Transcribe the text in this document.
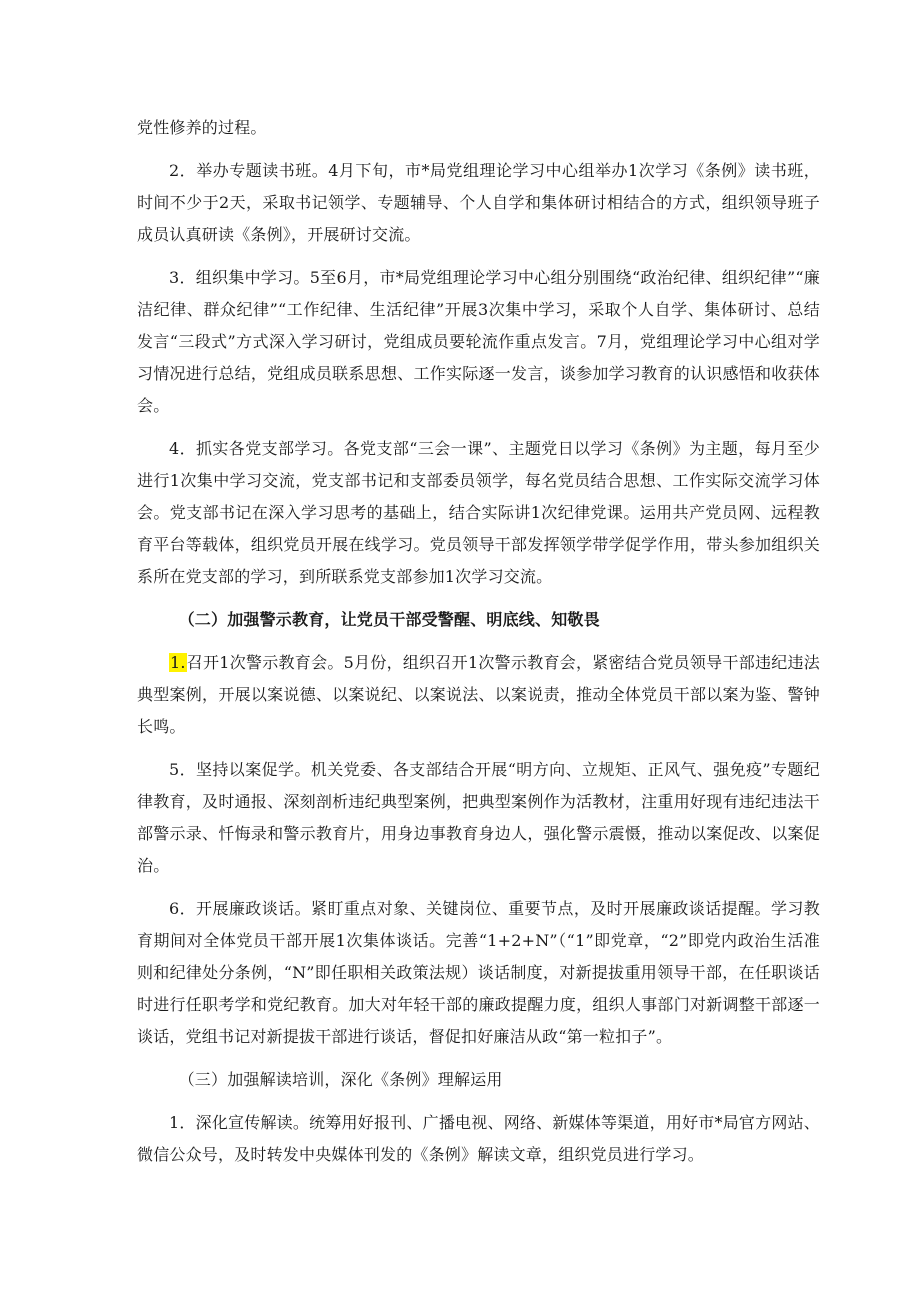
党性修养的过程。

2．举办专题读书班。4月下旬，市*局党组理论学习中心组举办1次学习《条例》读书班，时间不少于2天，采取书记领学、专题辅导、个人自学和集体研讨相结合的方式，组织领导班子成员认真研读《条例》，开展研讨交流。

3．组织集中学习。5至6月，市*局党组理论学习中心组分别围绕“政治纪律、组织纪律”“廉洁纪律、群众纪律”“工作纪律、生活纪律”开展3次集中学习，采取个人自学、集体研讨、总结发言“三段式”方式深入学习研讨，党组成员要轮流作重点发言。7月，党组理论学习中心组对学习情况进行总结，党组成员联系思想、工作实际逐一发言，谈参加学习教育的认识感悟和收获体会。

4．抓实各党支部学习。各党支部“三会一课”、主题党日以学习《条例》为主题，每月至少进行1次集中学习交流，党支部书记和支部委员领学，每名党员结合思想、工作实际交流学习体会。党支部书记在深入学习思考的基础上，结合实际讲1次纪律党课。运用共产党员网、远程教育平台等载体，组织党员开展在线学习。党员领导干部发挥领学带学促学作用，带头参加组织关系所在党支部的学习，到所联系党支部参加1次学习交流。

（二）加强警示教育，让党员干部受警醒、明底线、知敬畏

1.召开1次警示教育会。5月份，组织召开1次警示教育会，紧密结合党员领导干部违纪违法典型案例，开展以案说德、以案说纪、以案说法、以案说责，推动全体党员干部以案为鉴、警钟长鸣。

5．坚持以案促学。机关党委、各支部结合开展“明方向、立规矩、正风气、强免疫”专题纪律教育，及时通报、深刻剖析违纪典型案例，把典型案例作为活教材，注重用好现有违纪违法干部警示录、忏悔录和警示教育片，用身边事教育身边人，强化警示震慑，推动以案促改、以案促治。

6．开展廉政谈话。紧盯重点对象、关键岗位、重要节点，及时开展廉政谈话提醒。学习教育期间对全体党员干部开展1次集体谈话。完善“1+2+N”（“1”即党章，“2”即党内政治生活准则和纪律处分条例，“N”即任职相关政策法规）谈话制度，对新提拔重用领导干部，在任职谈话时进行任职考学和党纪教育。加大对年轻干部的廉政提醒力度，组织人事部门对新调整干部逐一谈话，党组书记对新提拔干部进行谈话，督促扣好廉洁从政“第一粒扣子”。

（三）加强解读培训，深化《条例》理解运用

1．深化宣传解读。统筹用好报刊、广播电视、网络、新媒体等渠道，用好市*局官方网站、微信公众号，及时转发中央媒体刊发的《条例》解读文章，组织党员进行学习。
